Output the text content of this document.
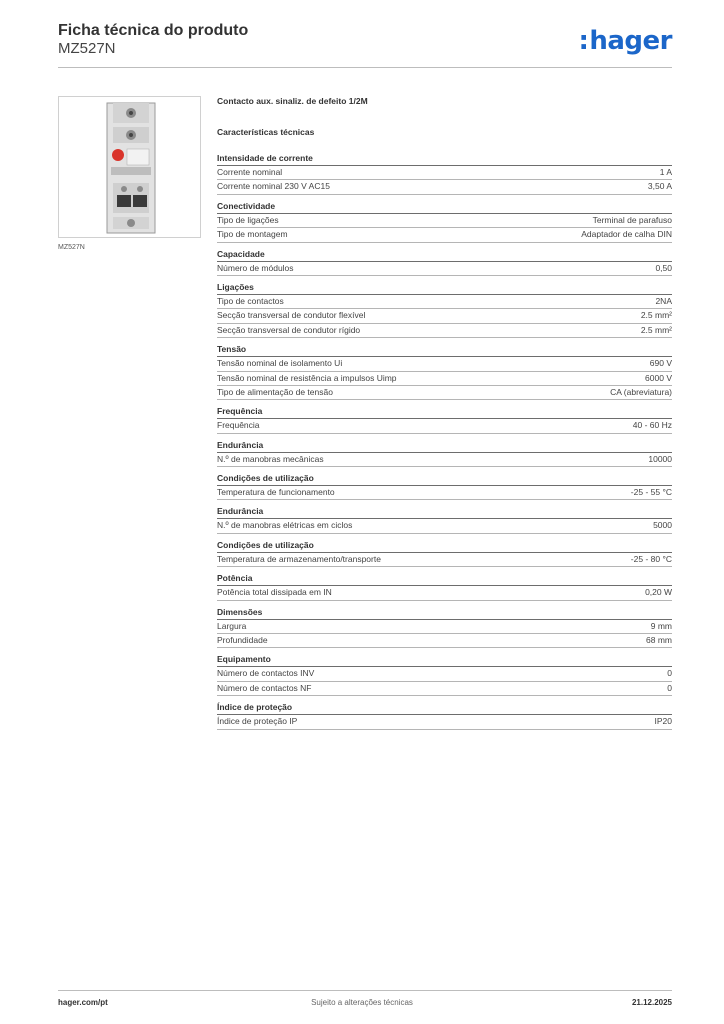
Ficha técnica do produto
MZ527N	:hager
MZ527N
Contacto aux. sinaliz. de defeito 1/2M
Características técnicas
Intensidade de corrente
Corrente nominal	1 A
Corrente nominal 230 V AC15	3,50 A
Conectividade
Tipo de ligações	Terminal de parafuso
Tipo de montagem	Adaptador de calha DIN
Capacidade
Número de módulos	0,50
Ligações
Tipo de contactos	2NA
Secção transversal de condutor flexível	2.5 mm²
Secção transversal de condutor rígido	2.5 mm²
Tensão
Tensão nominal de isolamento Ui	690 V
Tensão nominal de resistência a impulsos Uimp	6000 V
Tipo de alimentação de tensão	CA (abreviatura)
Frequência
Frequência	40 - 60 Hz
Endurância
N.º de manobras mecânicas	10000
Condições de utilização
Temperatura de funcionamento	-25 - 55 °C
Endurância
N.º de manobras elétricas em ciclos	5000
Condições de utilização
Temperatura de armazenamento/transporte	-25 - 80 °C
Potência
Potência total dissipada em IN	0,20 W
Dimensões
Largura	9 mm
Profundidade	68 mm
Equipamento
Número de contactos INV	0
Número de contactos NF	0
Índice de proteção
Índice de proteção IP	IP20
hager.com/pt	Sujeito a alterações técnicas	21.12.2025
